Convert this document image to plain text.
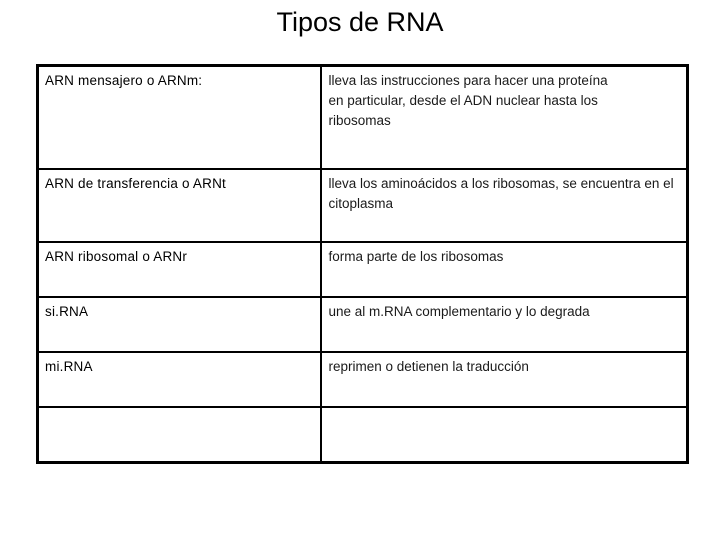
Tipos de RNA
ARN mensajero o ARNm:	lleva las instrucciones para hacer una proteína en particular, desde el ADN nuclear hasta los ribosomas

ARN de transferencia o ARNt	lleva los aminoácidos a los ribosomas, se encuentra en el citoplasma
ARN ribosomal o ARNr	forma parte de los ribosomas
si.RNA	une al m.RNA complementario y lo degrada
mi.RNA	reprimen o detienen la traducción
